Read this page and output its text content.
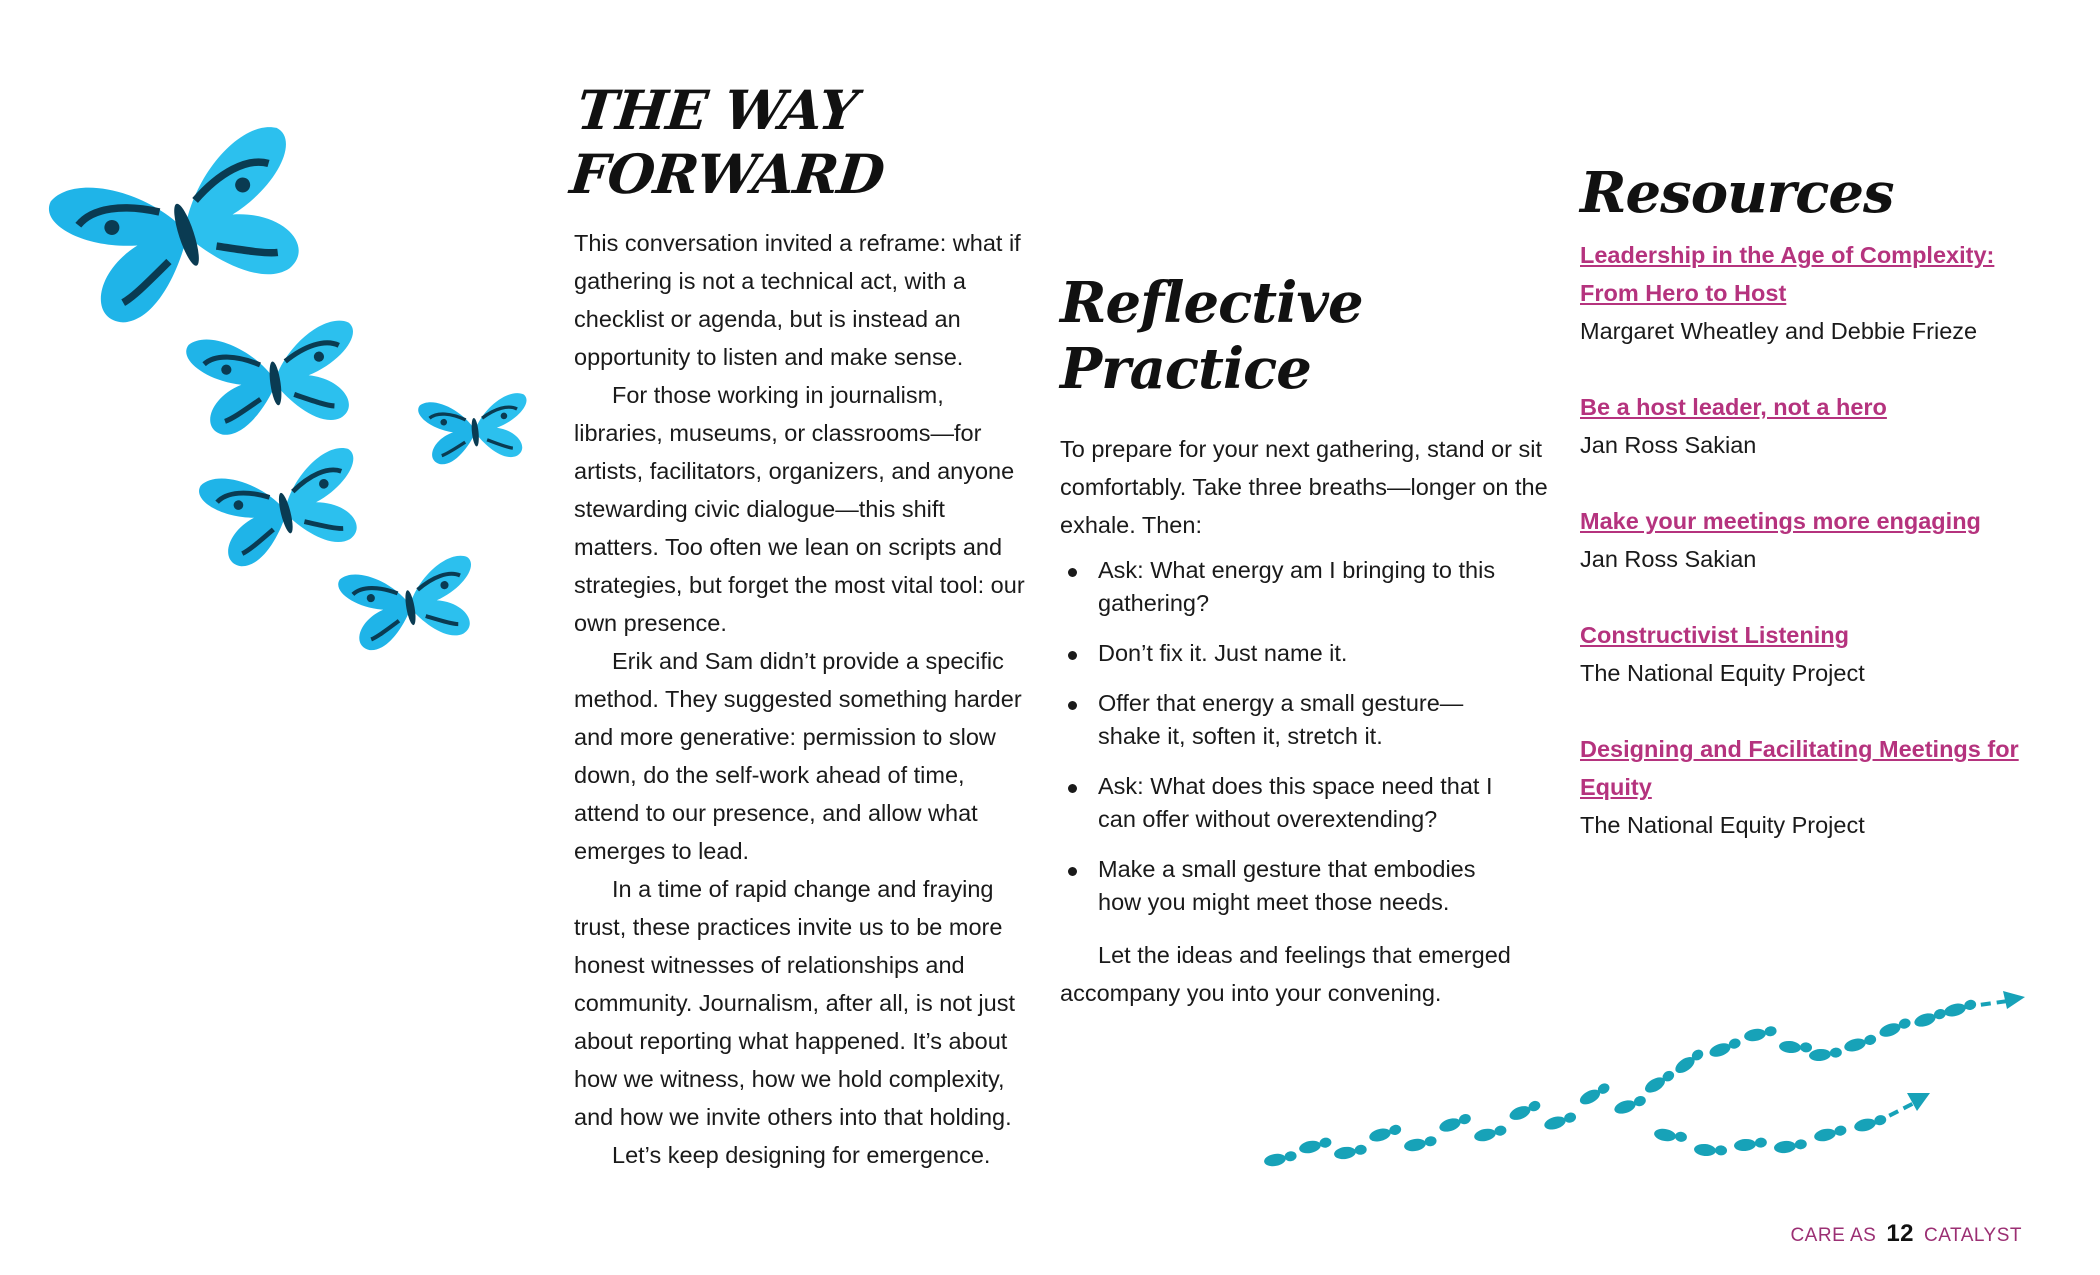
THE WAY FORWARD

This conversation invited a reframe: what if gathering is not a technical act, with a checklist or agenda, but is instead an opportunity to listen and make sense.

For those working in journalism, libraries, museums, or classrooms—for artists, facilitators, organizers, and anyone stewarding civic dialogue—this shift matters. Too often we lean on scripts and strategies, but forget the most vital tool: our own presence.

Erik and Sam didn’t provide a specific method. They suggested something harder and more generative: permission to slow down, do the self-work ahead of time, attend to our presence, and allow what emerges to lead.

In a time of rapid change and fraying trust, these practices invite us to be more honest witnesses of relationships and community. Journalism, after all, is not just about reporting what happened. It’s about how we witness, how we hold complexity, and how we invite others into that holding.

Let’s keep designing for emergence.

Reflective Practice

To prepare for your next gathering, stand or sit comfortably. Take three breaths—longer on the exhale. Then:

Ask: What energy am I bringing to this gathering?
Don’t fix it. Just name it.
Offer that energy a small gesture—shake it, soften it, stretch it.
Ask: What does this space need that I can offer without overextending?
Make a small gesture that embodies how you might meet those needs.

Let the ideas and feelings that emerged accompany you into your convening.

Resources
Leadership in the Age of Complexity: From Hero to Host
Margaret Wheatley and Debbie Frieze
Be a host leader, not a hero
Jan Ross Sakian
Make your meetings more engaging
Jan Ross Sakian
Constructivist Listening
The National Equity Project
Designing and Facilitating Meetings for Equity
The National Equity Project
CARE AS 12 CATALYST
